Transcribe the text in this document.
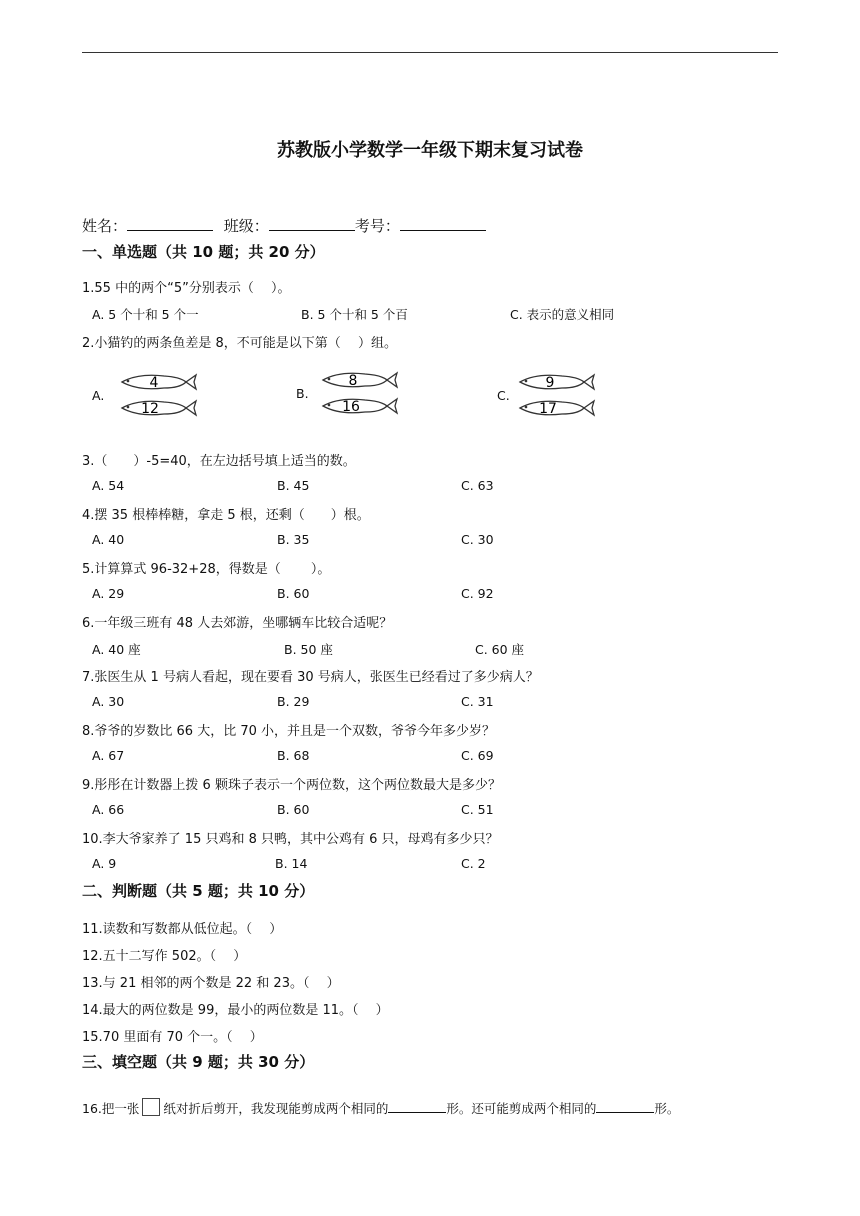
苏教版小学数学一年级下期末复习试卷
姓名：	班级：	考号：
一、单选题（共 10 题；共 20 分）
1.55 中的两个“5”分别表示（　 ）。
A. 5 个十和 5 个一	B. 5 个十和 5 个百	C. 表示的意义相同
2.小猫钓的两条鱼差是 8，不可能是以下第（　 ）组。
A.
4
12
B.
8
16
C.
9
17
3.（　　）-5=40，在左边括号填上适当的数。
A. 54	B. 45	C. 63
4.摆 35 根棒棒糖，拿走 5 根，还剩（　　）根。
A. 40	B. 35	C. 30
5.计算算式 96-32+28，得数是（　　 ）。
A. 29	B. 60	C. 92
6.一年级三班有 48 人去郊游，坐哪辆车比较合适呢？
A. 40 座	B. 50 座	C. 60 座
7.张医生从 1 号病人看起，现在要看 30 号病人，张医生已经看过了多少病人？
A. 30	B. 29	C. 31
8.爷爷的岁数比 66 大，比 70 小，并且是一个双数，爷爷今年多少岁？
A. 67	B. 68	C. 69
9.彤彤在计数器上拨 6 颗珠子表示一个两位数，这个两位数最大是多少？
A. 66	B. 60	C. 51
10.李大爷家养了 15 只鸡和 8 只鸭，其中公鸡有 6 只，母鸡有多少只？
A. 9	B. 14	C. 2
二、判断题（共 5 题；共 10 分）
11.读数和写数都从低位起。（　 ）
12.五十二写作 502。（　 ）
13.与 21 相邻的两个数是 22 和 23。（　 ）
14.最大的两位数是 99，最小的两位数是 11。（　 ）
15.70 里面有 70 个一。（　 ）
三、填空题（共 9 题；共 30 分）
16.把一张 纸对折后剪开，我发现能剪成两个相同的	形。还可能剪成两个相同的	形。
